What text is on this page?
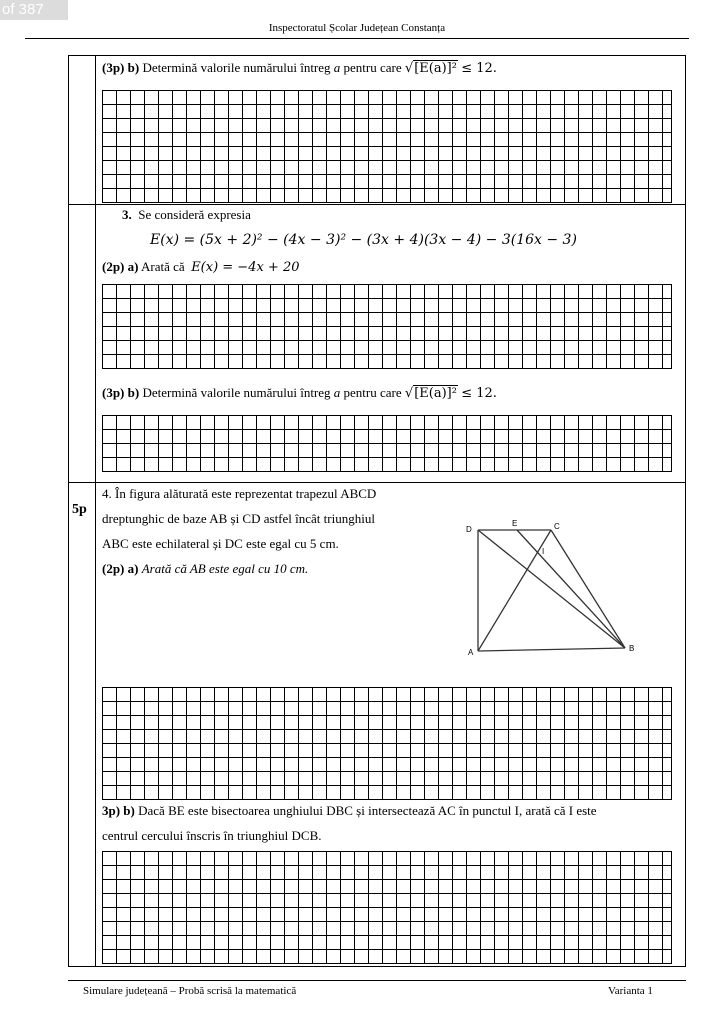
of 387
Inspectoratul Școlar Județean Constanța
(3p) b) Determină valorile numărului întreg a pentru care √[E(a)]² ≤ 12.
3. Se consideră expresia
E(x) = (5x + 2)² − (4x − 3)² − (3x + 4)(3x − 4) − 3(16x − 3)
(2p) a) Arată că E(x) = −4x + 20
(3p) b) Determină valorile numărului întreg a pentru care √[E(a)]² ≤ 12.
5p
4. În figura alăturată este reprezentat trapezul ABCD
dreptunghic de baze AB și CD astfel încât triunghiul
ABC este echilateral și DC este egal cu 5 cm.
(2p) a) Arată că AB este egal cu 10 cm.
D
E	C
I
A	B
3p) b) Dacă BE este bisectoarea unghiului DBC și intersectează AC în punctul I, arată că I este
centrul cercului înscris în triunghiul DCB.
Simulare județeană – Probă scrisă la matematică	Varianta 1
